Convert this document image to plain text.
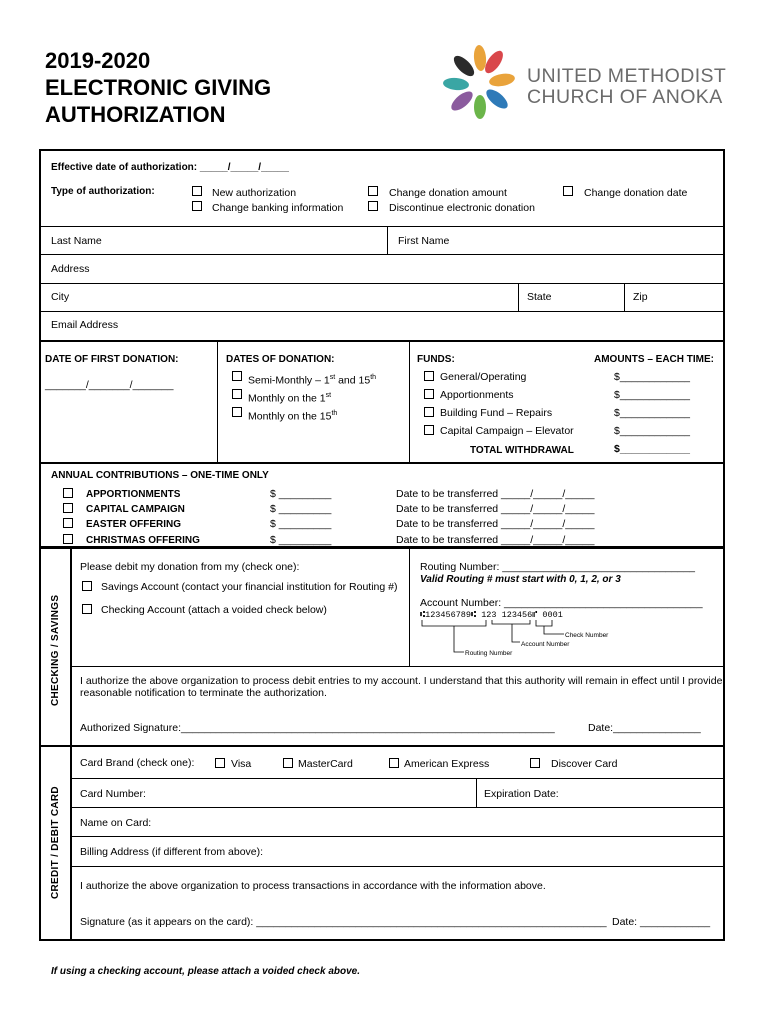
2019-2020
ELECTRONIC GIVING
AUTHORIZATION
UNITED METHODIST
CHURCH OF ANOKA
Effective date of authorization: _____/_____/_____
Type of authorization:	New authorization
Change banking information
Change donation amount
Discontinue electronic donation
Change donation date
Last Name	First Name
Address
City	State	Zip
Email Address
DATE OF FIRST DONATION:
_______/_______/_______
DATES OF DONATION:
Semi-Monthly – 1st and 15th
Monthly on the 1st
Monthly on the 15th
FUNDS:	AMOUNTS – EACH TIME:
General/Operating	$____________
Apportionments	$____________
Building Fund – Repairs	$____________
Capital Campaign – Elevator	$____________
TOTAL WITHDRAWAL	$____________
ANNUAL CONTRIBUTIONS – ONE-TIME ONLY
APPORTIONMENTS	$ _________	Date to be transferred _____/_____/_____
CAPITAL CAMPAIGN	$ _________	Date to be transferred _____/_____/_____
EASTER OFFERING	$ _________	Date to be transferred _____/_____/_____
CHRISTMAS OFFERING	$ _________	Date to be transferred _____/_____/_____
CHECKING / SAVINGS
Please debit my donation from my (check one):
Savings Account (contact your financial institution for Routing #)
Checking Account (attach a voided check below)
Routing Number: _________________________________
Valid Routing # must start with 0, 1, 2, or 3
Account Number: __________________________________
⑆123456789⑆ 123 123456⑈ 0001
Check Number
Account Number
Routing Number
I authorize the above organization to process debit entries to my account. I understand that this authority will remain in effect until I provide
reasonable notification to terminate the authorization.
Authorized Signature:________________________________________________________________	Date:_______________
CREDIT / DEBIT CARD
Card Brand (check one):	Visa	MasterCard	American Express	Discover Card
Card Number:	Expiration Date:
Name on Card:
Billing Address (if different from above):
I authorize the above organization to process transactions in accordance with the information above.
Signature (as it appears on the card): ____________________________________________________________ Date: ____________
If using a checking account, please attach a voided check above.
